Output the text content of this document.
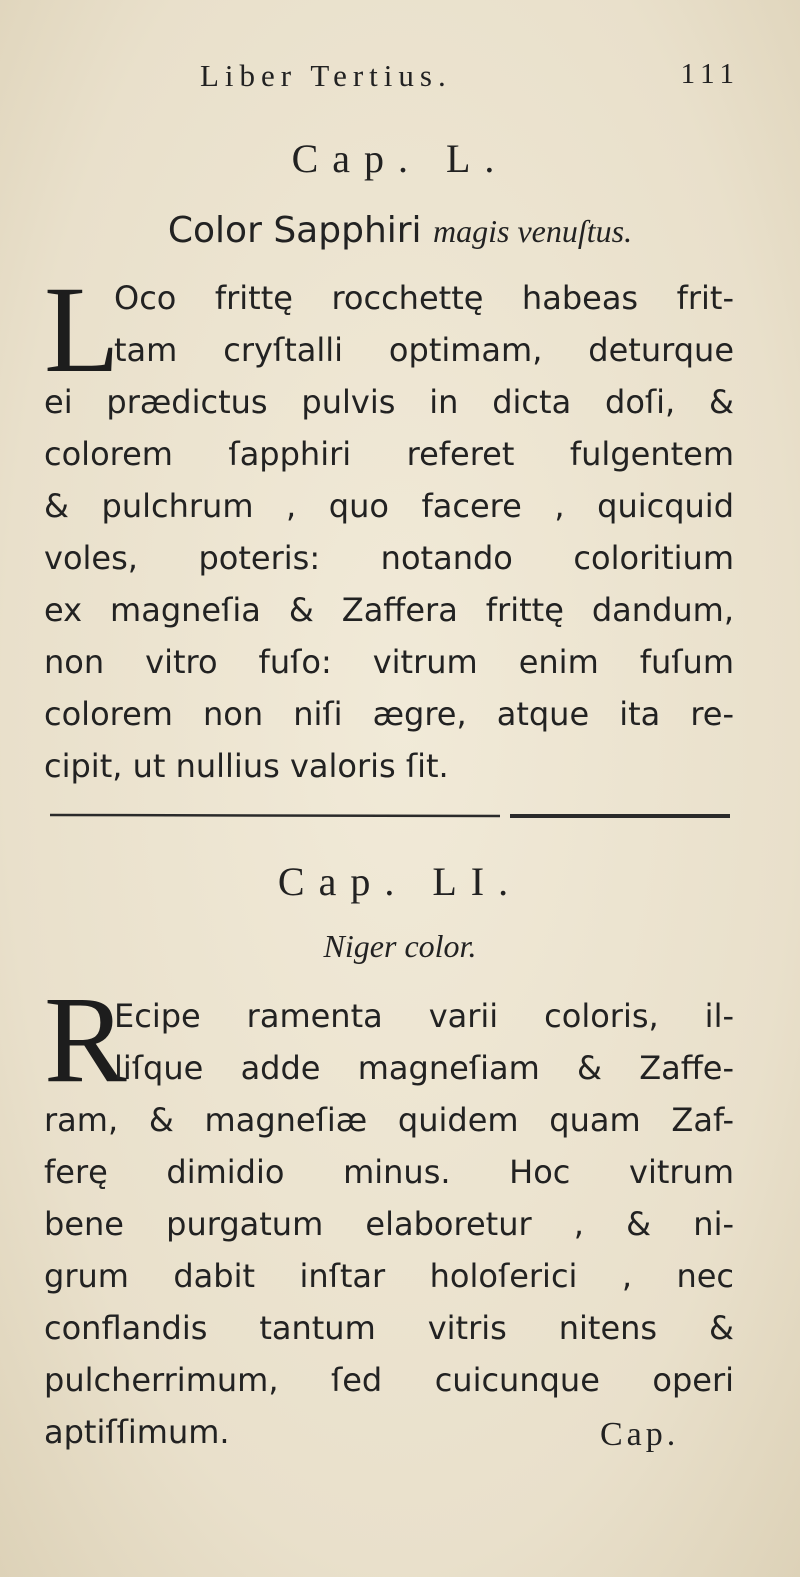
Liber Tertius.	111
Cap. L.
Color Sapphiri magis venuſtus.
L
Oco frittę rocchettę habeas frit-
tam cryſtalli optimam, deturque
ei prædictus pulvis in dicta doſi, &
colorem ſapphiri referet fulgentem
& pulchrum , quo facere , quicquid
voles, poteris: notando coloritium
ex magneſia & Zaffera frittę dandum,
non vitro fuſo: vitrum enim fuſum
colorem non niſi ægre, atque ita re-
cipit, ut nullius valoris ſit.
Cap. LI.
Niger color.
R
Ecipe ramenta varii coloris, il-
liſque adde magneſiam & Zaffe-
ram, & magneſiæ quidem quam Zaf-
ferę dimidio minus. Hoc vitrum
bene purgatum elaboretur , & ni-
grum dabit inſtar holoſerici , nec
conflandis tantum vitris nitens &
pulcherrimum, ſed cuicunque operi
aptiſſimum.	Cap.
